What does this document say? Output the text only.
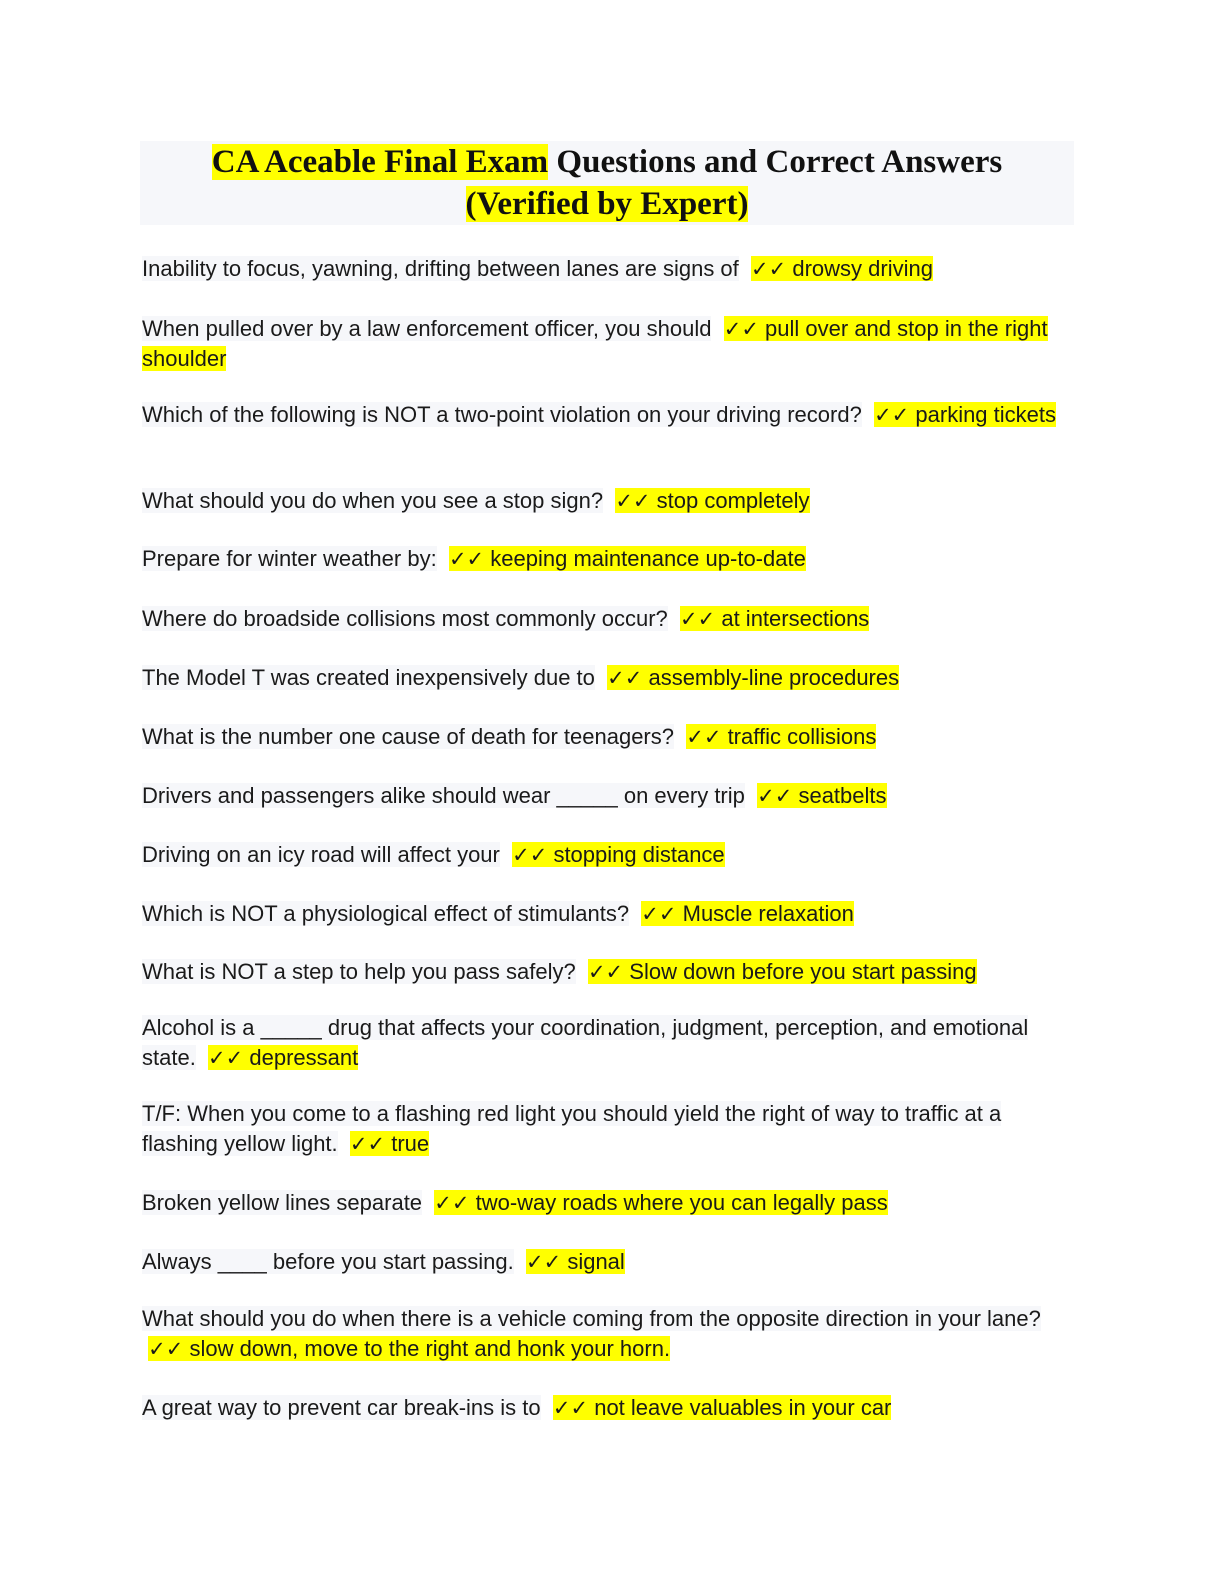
CA Aceable Final Exam Questions and Correct Answers
(Verified by Expert)
Inability to focus, yawning, drifting between lanes are signs of ✓✓ drowsy driving
When pulled over by a law enforcement officer, you should ✓✓ pull over and stop in the right shoulder
Which of the following is NOT a two-point violation on your driving record? ✓✓ parking tickets
What should you do when you see a stop sign? ✓✓ stop completely
Prepare for winter weather by: ✓✓ keeping maintenance up-to-date
Where do broadside collisions most commonly occur? ✓✓ at intersections
The Model T was created inexpensively due to ✓✓ assembly-line procedures
What is the number one cause of death for teenagers? ✓✓ traffic collisions
Drivers and passengers alike should wear _____ on every trip ✓✓ seatbelts
Driving on an icy road will affect your ✓✓ stopping distance
Which is NOT a physiological effect of stimulants? ✓✓ Muscle relaxation
What is NOT a step to help you pass safely? ✓✓ Slow down before you start passing
Alcohol is a _____ drug that affects your coordination, judgment, perception, and emotional state. ✓✓ depressant
T/F: When you come to a flashing red light you should yield the right of way to traffic at a flashing yellow light. ✓✓ true
Broken yellow lines separate ✓✓ two-way roads where you can legally pass
Always ____ before you start passing. ✓✓ signal
What should you do when there is a vehicle coming from the opposite direction in your lane?  ✓✓ slow down, move to the right and honk your horn.
A great way to prevent car break-ins is to ✓✓ not leave valuables in your car
